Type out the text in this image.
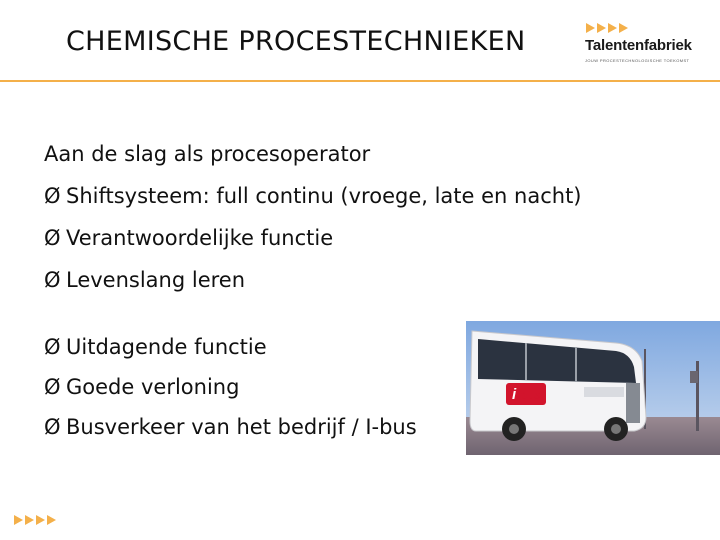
CHEMISCHE PROCESTECHNIEKEN	Talentenfabriek
JOUW PROCESTECHNOLOGISCHE TOEKOMST
Aan de slag als procesoperator
Ø Shiftsysteem: full continu (vroege, late en nacht)
Ø Verantwoordelijke functie
Ø Levenslang leren
Ø Uitdagende functie
Ø Goede verloning
Ø Busverkeer van het bedrijf / I-bus
i bus
